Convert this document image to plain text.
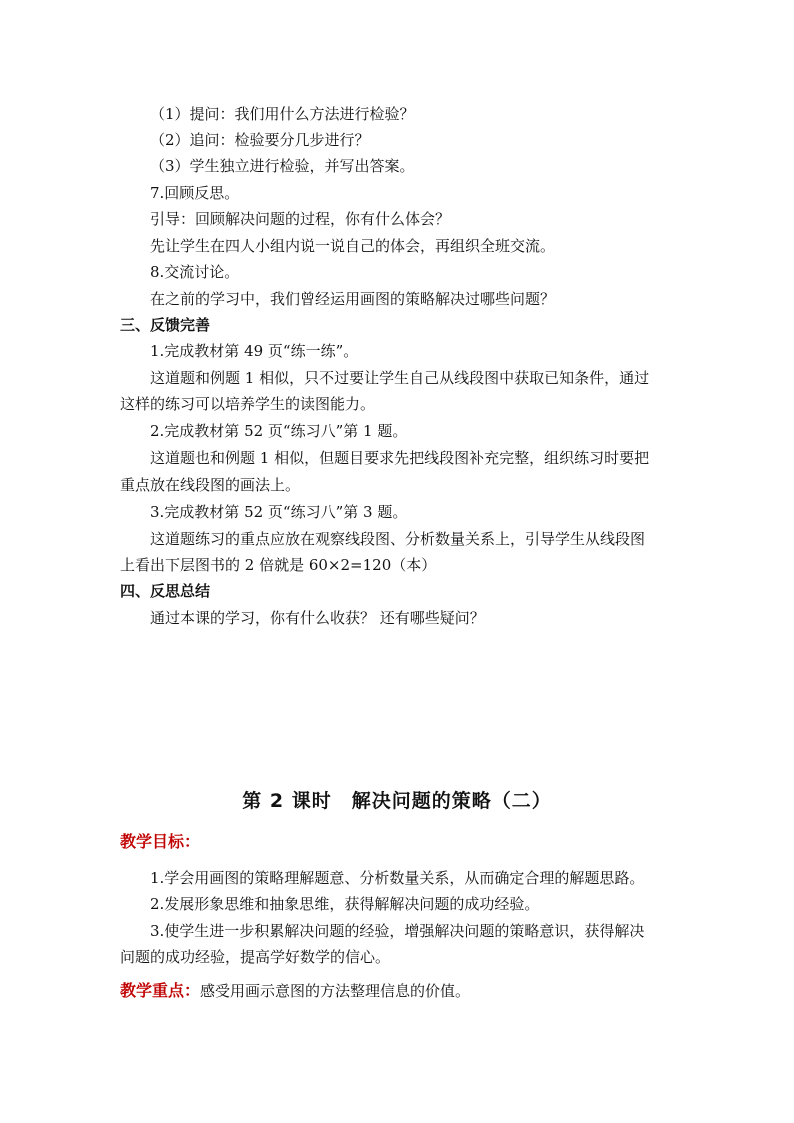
（1）提问：我们用什么方法进行检验？
（2）追问：检验要分几步进行？
（3）学生独立进行检验，并写出答案。
7.回顾反思。
引导：回顾解决问题的过程，你有什么体会？
先让学生在四人小组内说一说自己的体会，再组织全班交流。
8.交流讨论。
在之前的学习中，我们曾经运用画图的策略解决过哪些问题？
三、反馈完善
1.完成教材第 49 页“练一练”。
这道题和例题 1 相似，只不过要让学生自己从线段图中获取已知条件，通过
这样的练习可以培养学生的读图能力。
2.完成教材第 52 页“练习八”第 1 题。
这道题也和例题 1 相似，但题目要求先把线段图补充完整，组织练习时要把
重点放在线段图的画法上。
3.完成教材第 52 页“练习八”第 3 题。
这道题练习的重点应放在观察线段图、分析数量关系上，引导学生从线段图
上看出下层图书的 2 倍就是 60×2=120（本）
四、反思总结
通过本课的学习，你有什么收获？ 还有哪些疑问？
第 2 课时　解决问题的策略（二）
教学目标：
1.学会用画图的策略理解题意、分析数量关系，从而确定合理的解题思路。
2.发展形象思维和抽象思维，获得解解决问题的成功经验。
3.使学生进一步积累解决问题的经验，增强解决问题的策略意识，获得解决
问题的成功经验，提高学好数学的信心。
教学重点：感受用画示意图的方法整理信息的价值。
